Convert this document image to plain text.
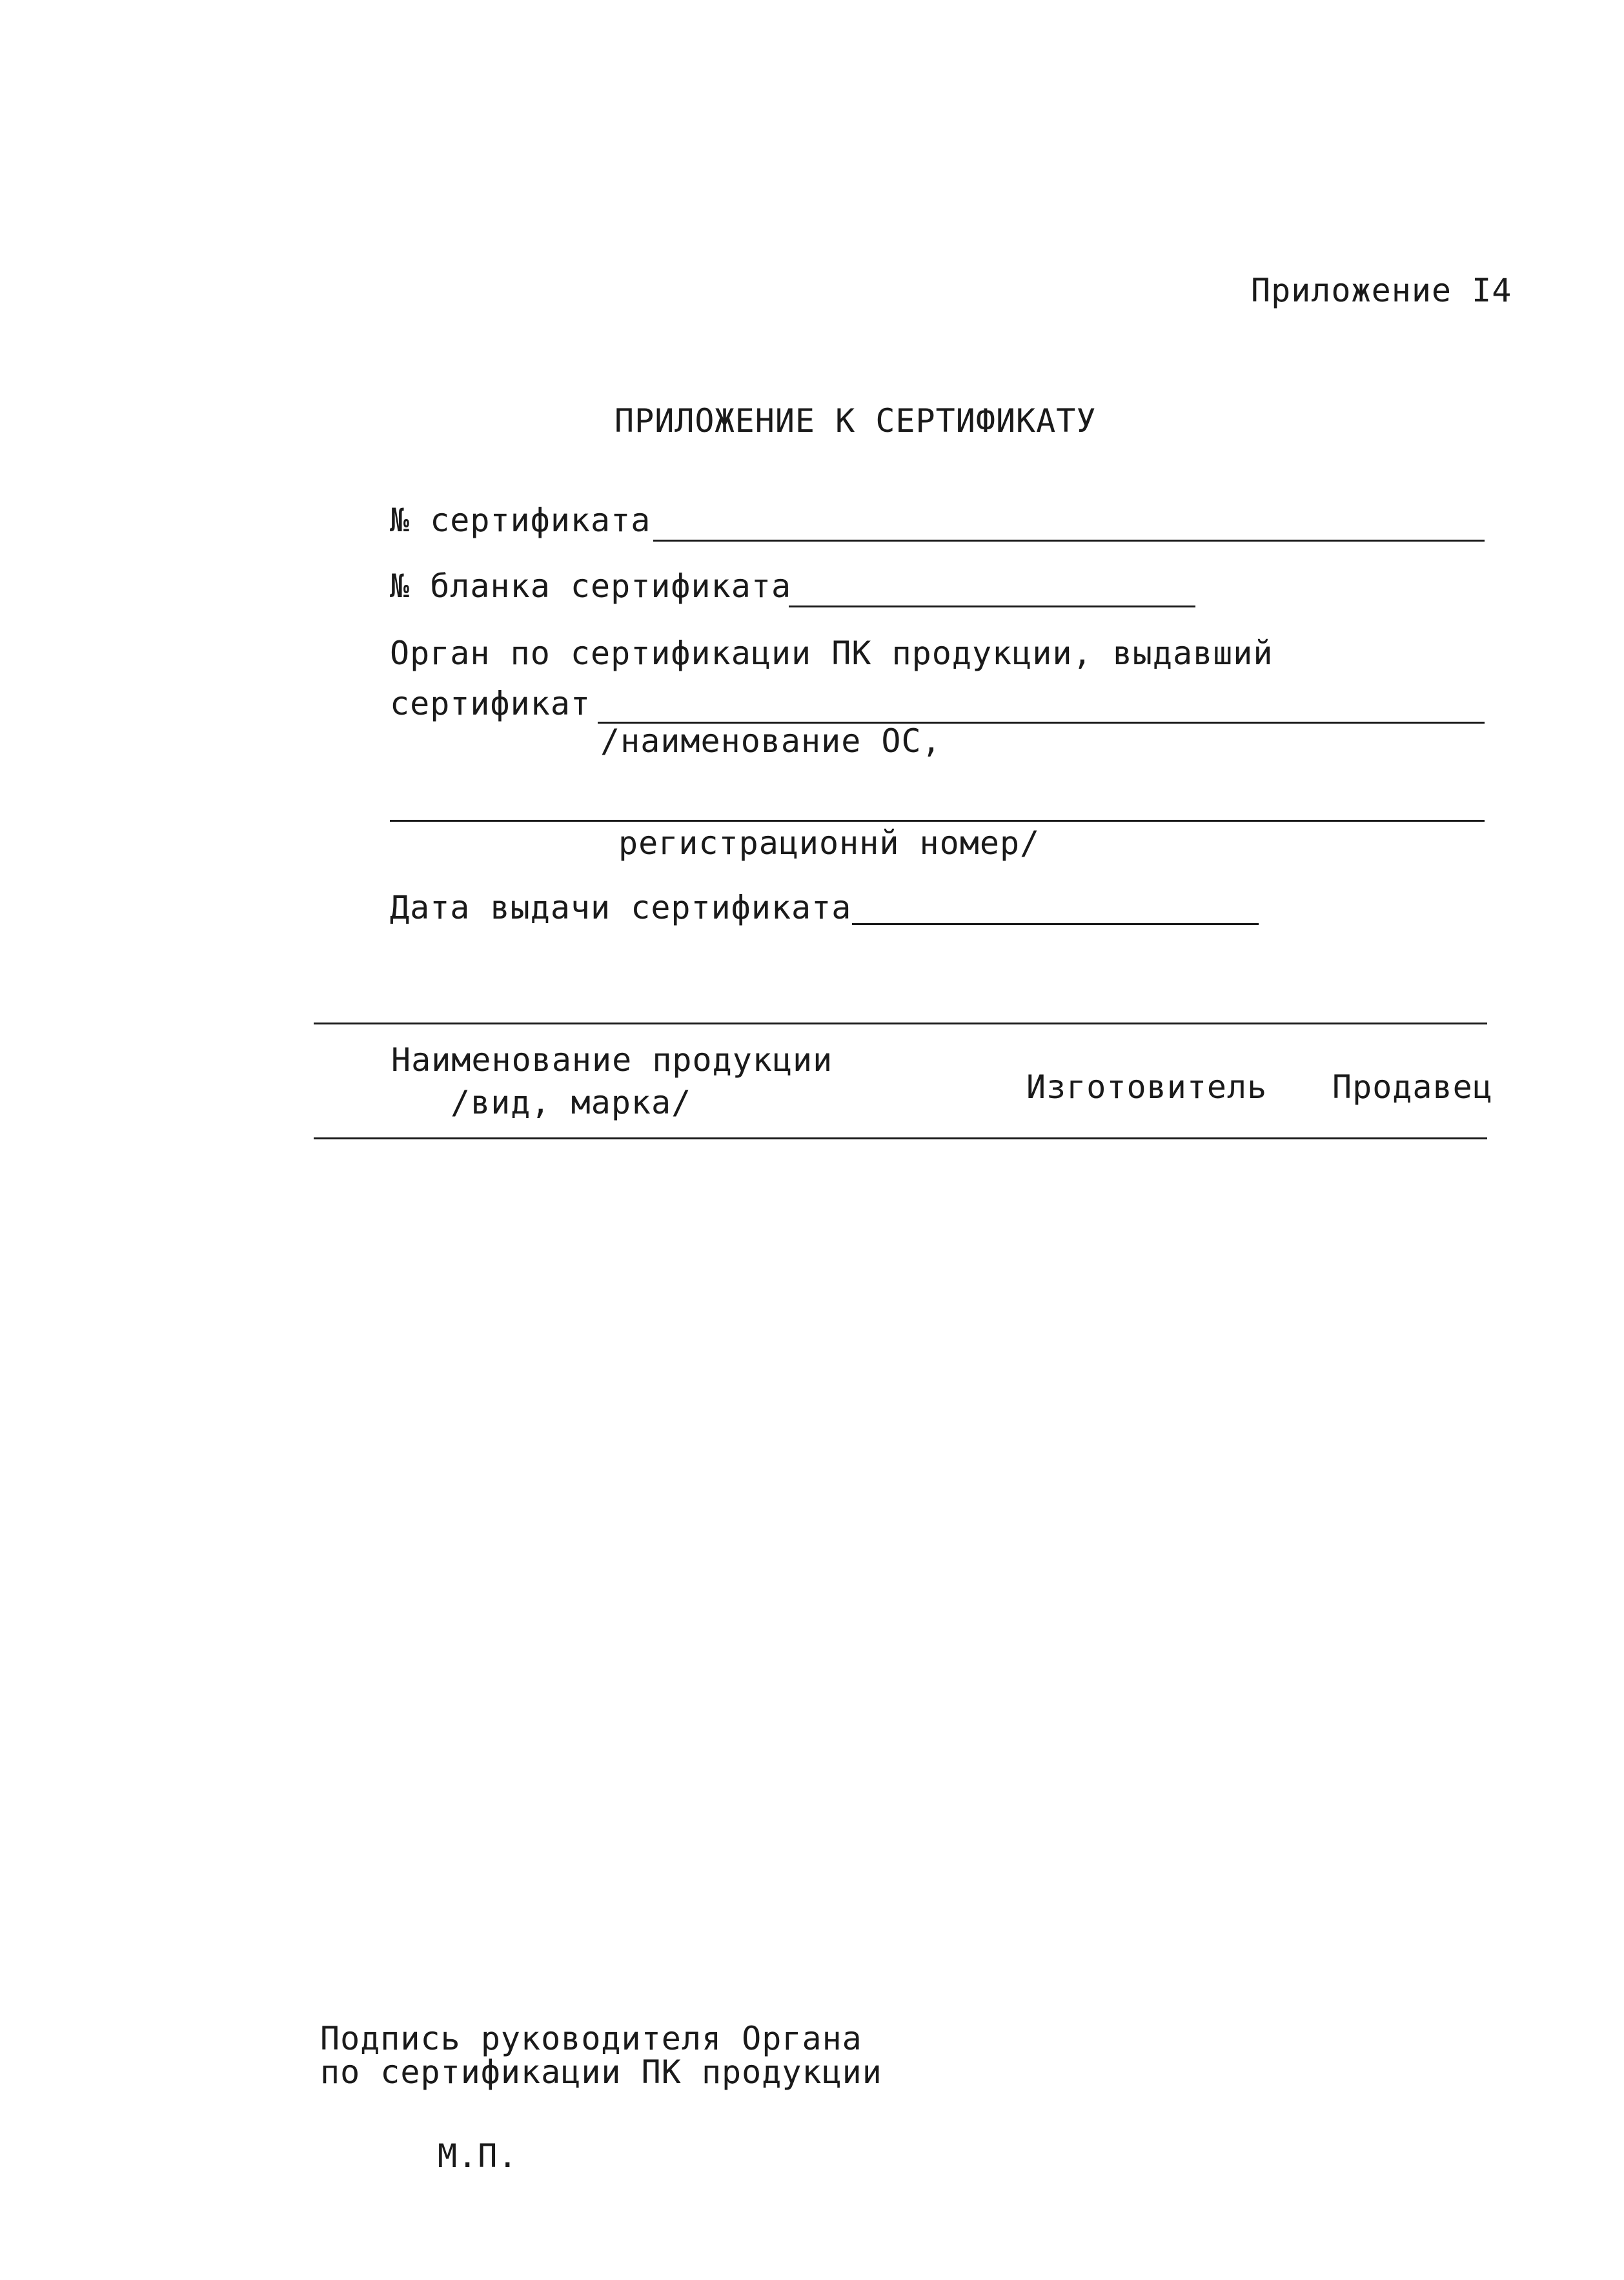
Приложение I4
ПРИЛОЖЕНИЕ К СЕРТИФИКАТУ
№ сертификата
№ бланка сертификата
Орган по сертификации ПК продукции, выдавший
сертификат
/наименование ОС,
регистрационнй номер/
Дата выдачи сертификата
Наименование продукции
/вид, марка/	Изготовитель Продавец
Подпись руководителя Органа
по сертификации ПК продукции
М.П.
